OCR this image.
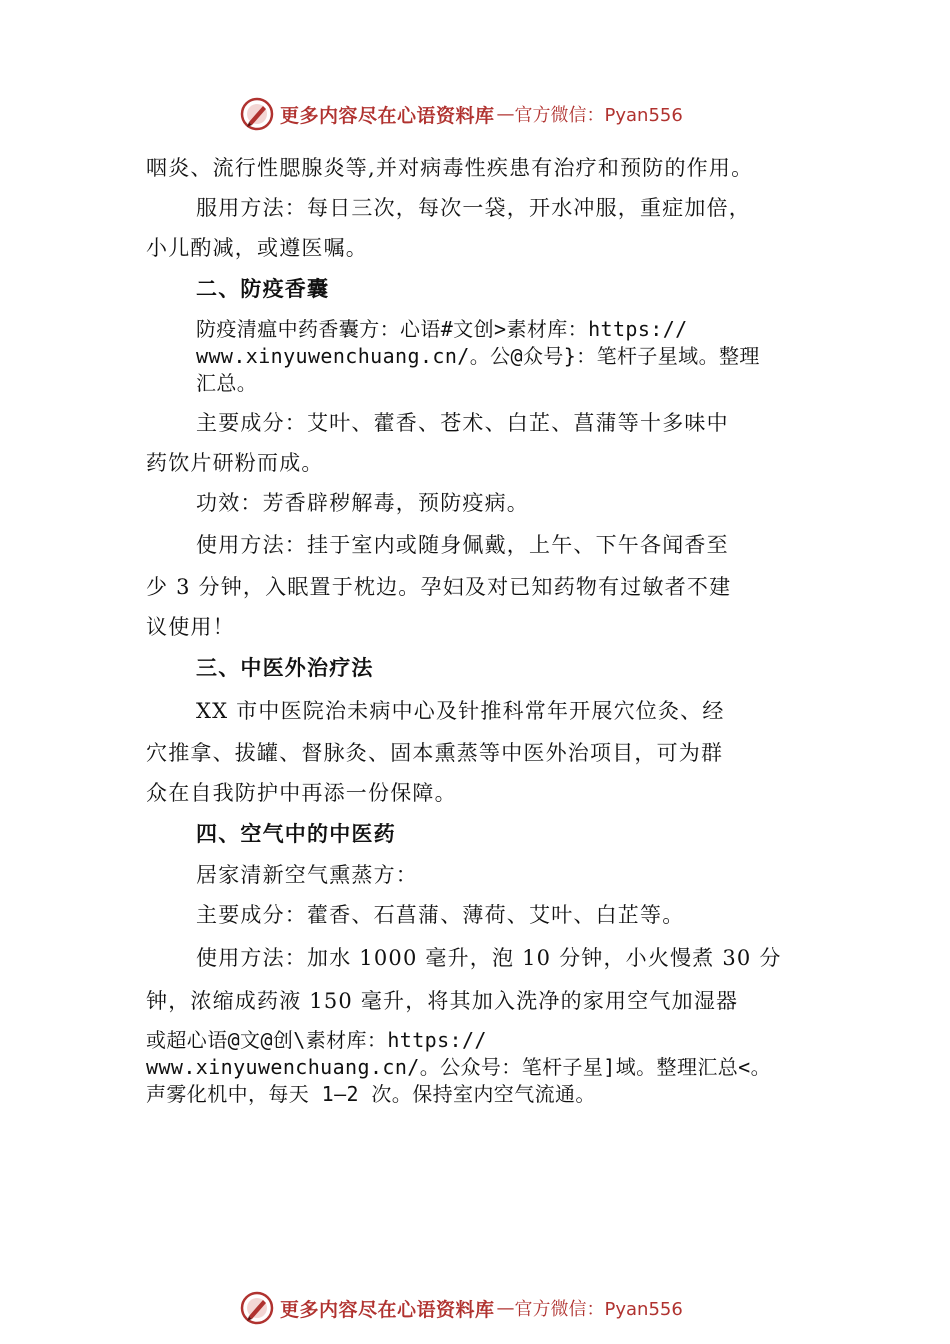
更多内容尽在心语资料库 — 官方微信：Pyan556

咽炎、流行性腮腺炎等,并对病毒性疾患有治疗和预防的作用。

服用方法：每日三次，每次一袋，开水冲服，重症加倍，

小儿酌减，或遵医嘱。

二、防疫香囊

防疫清瘟中药香囊方：心语#文创>素材库：https://

www.xinyuwenchuang.cn/。公@众号}：笔杆子星域。整理

汇总。

主要成分：艾叶、藿香、苍术、白芷、菖蒲等十多味中

药饮片研粉而成。

功效：芳香辟秽解毒，预防疫病。

使用方法：挂于室内或随身佩戴，上午、下午各闻香至

少 3 分钟，入眠置于枕边。孕妇及对已知药物有过敏者不建

议使用！

三、中医外治疗法

XX 市中医院治未病中心及针推科常年开展穴位灸、经

穴推拿、拔罐、督脉灸、固本熏蒸等中医外治项目，可为群

众在自我防护中再添一份保障。

四、空气中的中医药

居家清新空气熏蒸方：

主要成分：藿香、石菖蒲、薄荷、艾叶、白芷等。

使用方法：加水 1000 毫升，泡 10 分钟，小火慢煮 30 分

钟，浓缩成药液 150 毫升，将其加入洗净的家用空气加湿器

或超心语@文@创\素材库：https://

www.xinyuwenchuang.cn/。公众号：笔杆子星]域。整理汇总<。

声雾化机中，每天 1—2 次。保持室内空气流通。

更多内容尽在心语资料库 — 官方微信：Pyan556
